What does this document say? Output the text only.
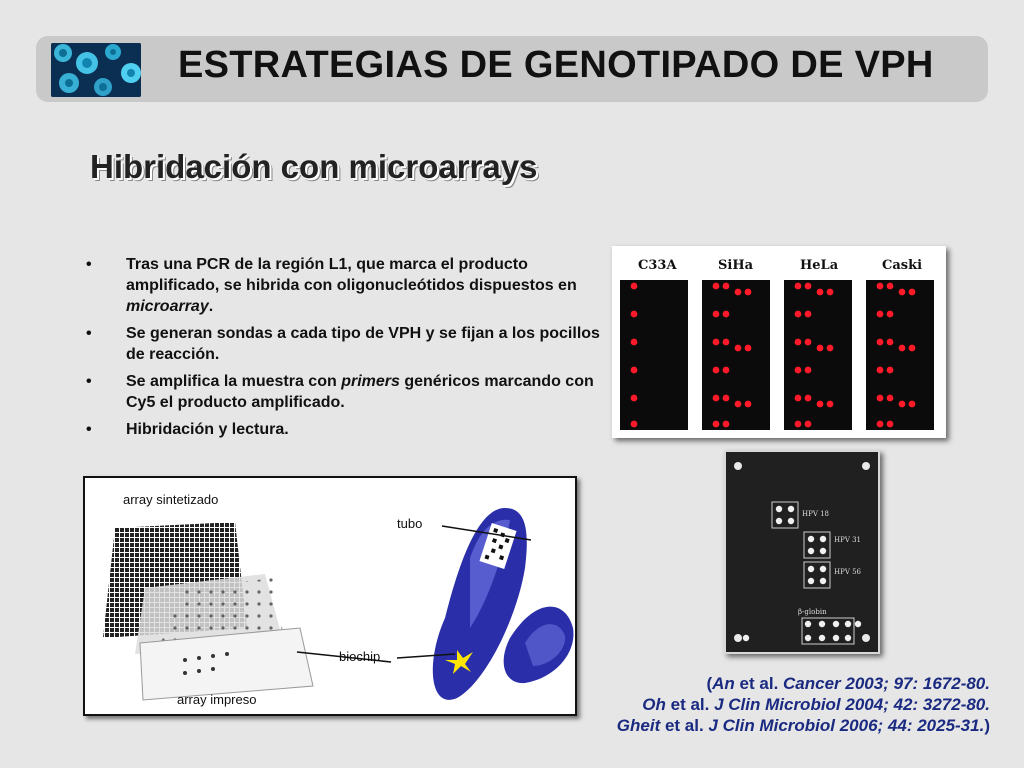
ESTRATEGIAS DE GENOTIPADO DE VPH
Hibridación con microarrays
• Tras una PCR de la región L1, que marca el producto amplificado, se hibrida con oligonucleótidos dispuestos en microarray.
• Se generan sondas a cada tipo de VPH y se fijan a los pocillos de reacción.
• Se amplifica la muestra con primers genéricos marcando con Cy5 el producto amplificado.
• Hibridación y lectura.
C33A	SiHa	HeLa	Caski
HPV 18
HPV 31
HPV 56
β-globin
array sintetizado
tubo
biochip
array impreso
(An et al. Cancer 2003; 97: 1672-80.
Oh et al. J Clin Microbiol 2004; 42: 3272-80.
Gheit et al. J Clin Microbiol 2006; 44: 2025-31.)
